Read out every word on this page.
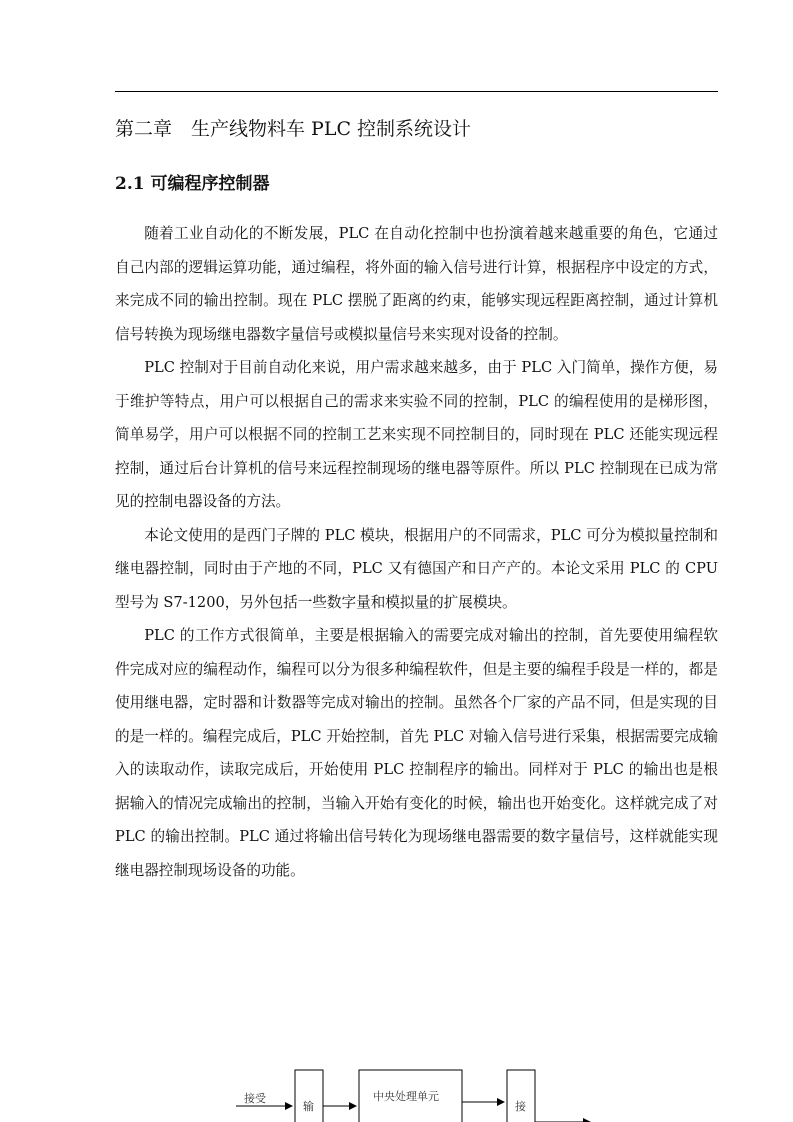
第二章　生产线物料车 PLC 控制系统设计
2.1 可编程序控制器

随着工业自动化的不断发展，PLC 在自动化控制中也扮演着越来越重要的角色，它通过自己内部的逻辑运算功能，通过编程，将外面的输入信号进行计算，根据程序中设定的方式，来完成不同的输出控制。现在 PLC 摆脱了距离的约束，能够实现远程距离控制，通过计算机信号转换为现场继电器数字量信号或模拟量信号来实现对设备的控制。

PLC 控制对于目前自动化来说，用户需求越来越多，由于 PLC 入门简单，操作方便，易于维护等特点，用户可以根据自己的需求来实验不同的控制，PLC 的编程使用的是梯形图，简单易学，用户可以根据不同的控制工艺来实现不同控制目的，同时现在 PLC 还能实现远程控制，通过后台计算机的信号来远程控制现场的继电器等原件。所以 PLC 控制现在已成为常见的控制电器设备的方法。

本论文使用的是西门子牌的 PLC 模块，根据用户的不同需求，PLC 可分为模拟量控制和继电器控制，同时由于产地的不同，PLC 又有德国产和日产产的。本论文采用 PLC 的 CPU 型号为 S7-1200，另外包括一些数字量和模拟量的扩展模块。

PLC 的工作方式很简单，主要是根据输入的需要完成对输出的控制，首先要使用编程软件完成对应的编程动作，编程可以分为很多种编程软件，但是主要的编程手段是一样的，都是使用继电器，定时器和计数器等完成对输出的控制。虽然各个厂家的产品不同，但是实现的目的是一样的。编程完成后，PLC 开始控制，首先 PLC 对输入信号进行采集，根据需要完成输入的读取动作，读取完成后，开始使用 PLC 控制程序的输出。同样对于 PLC 的输出也是根据输入的情况完成输出的控制，当输入开始有变化的时候，输出也开始变化。这样就完成了对 PLC 的输出控制。PLC 通过将输出信号转化为现场继电器需要的数字量信号，这样就能实现继电器控制现场设备的功能。

接受
输
中央处理单元
接
